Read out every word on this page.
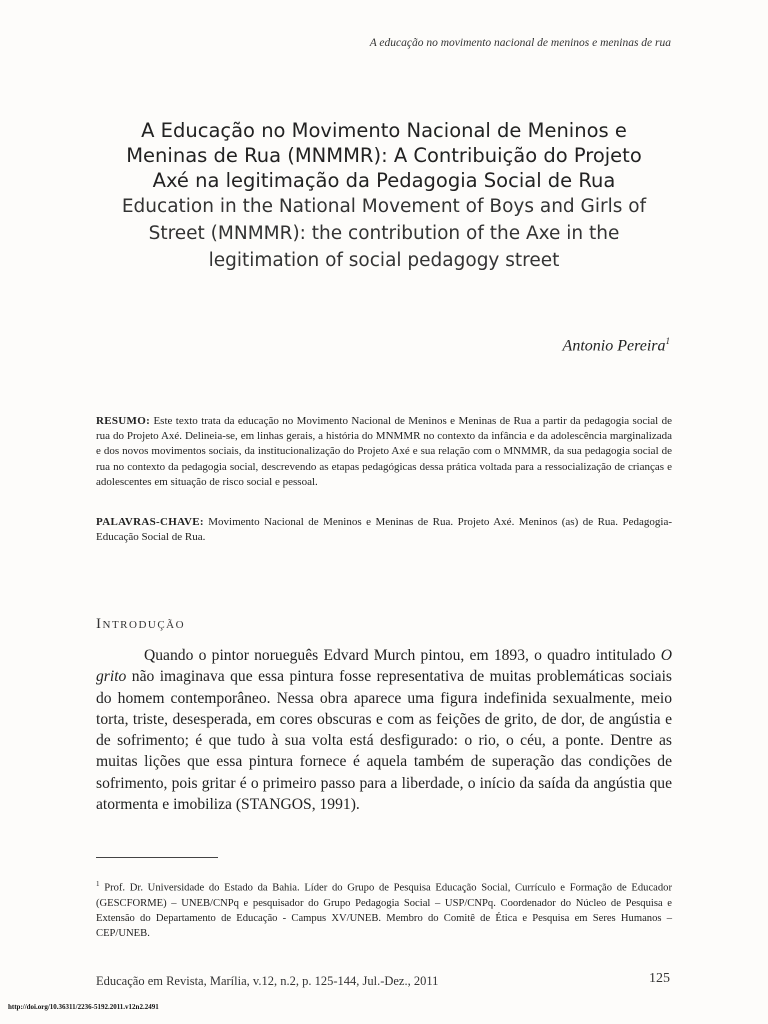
A educação no movimento nacional de meninos e meninas de rua

A Educação no Movimento Nacional de Meninos e

Meninas de Rua (MNMMR): A Contribuição do Projeto

Axé na legitimação da Pedagogia Social de Rua

Education in the National Movement of Boys and Girls of

Street (MNMMR): the contribution of the Axe in the

legitimation of social pedagogy street

Antonio Pereira$^1$

RESUMO: Este texto trata da educação no Movimento Nacional de Meninos e Meninas de Rua a partir da pedagogia social de rua do Projeto Axé. Delineia-se, em linhas gerais, a história do MNMMR no contexto da infância e da adolescência marginalizada e dos novos movimentos sociais, da institucionalização do Projeto Axé e sua relação com o MNMMR, da sua pedagogia social de rua no contexto da pedagogia social, descrevendo as etapas pedagógicas dessa prática voltada para a ressocialização de crianças e adolescentes em situação de risco social e pessoal.

PALAVRAS-CHAVE: Movimento Nacional de Meninos e Meninas de Rua. Projeto Axé. Meninos (as) de Rua. Pedagogia-Educação Social de Rua.

Introdução

Quando o pintor norueguês Edvard Murch pintou, em 1893, o quadro intitulado O grito não imaginava que essa pintura fosse representativa de muitas problemáticas sociais do homem contemporâneo. Nessa obra aparece uma figura indefinida sexualmente, meio torta, triste, desesperada, em cores obscuras e com as feições de grito, de dor, de angústia e de sofrimento; é que tudo à sua volta está desfigurado: o rio, o céu, a ponte. Dentre as muitas lições que essa pintura fornece é aquela também de superação das condições de sofrimento, pois gritar é o primeiro passo para a liberdade, o início da saída da angústia que atormenta e imobiliza (STANGOS, 1991).

$^1$ Prof. Dr. Universidade do Estado da Bahia. Líder do Grupo de Pesquisa Educação Social, Currículo e Formação de Educador (GESCFORME) – UNEB/CNPq e pesquisador do Grupo Pedagogia Social – USP/CNPq. Coordenador do Núcleo de Pesquisa e Extensão do Departamento de Educação - Campus XV/UNEB. Membro do Comitê de Ética e Pesquisa em Seres Humanos – CEP/UNEB.

Educação em Revista, Marília, v.12, n.2, p. 125-144, Jul.-Dez., 2011	125
http://doi.org/10.36311/2236-5192.2011.v12n2.2491
